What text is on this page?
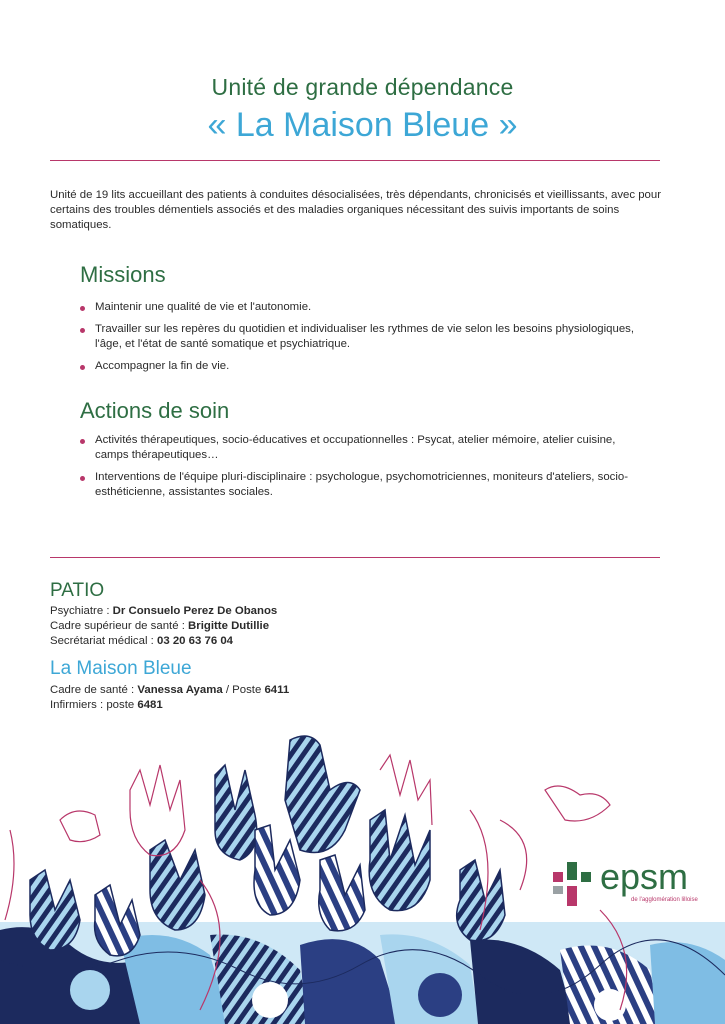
Unité de grande dépendance
« La Maison Bleue »
Unité de 19 lits accueillant des patients à conduites désocialisées, très dépendants, chronicisés et vieillissants, avec pour certains des troubles démentiels associés et des maladies organiques nécessitant des suivis importants de soins somatiques.
Missions
Maintenir une qualité de vie et l'autonomie.
Travailler sur les repères du quotidien et individualiser les rythmes de vie selon les besoins physiologiques, l'âge, et l'état de santé somatique et psychiatrique.
Accompagner la fin de vie.
Actions de soin
Activités thérapeutiques, socio-éducatives et occupationnelles : Psycat, atelier mémoire, atelier cuisine, camps thérapeutiques…
Interventions de l'équipe pluri-disciplinaire : psychologue, psychomotriciennes, moniteurs d'ateliers, socio-esthéticienne, assistantes sociales.
PATIO
Psychiatre : Dr Consuelo Perez De Obanos
Cadre supérieur de santé : Brigitte Dutillie
Secrétariat médical : 03 20 63 76 04
La Maison Bleue
Cadre de santé : Vanessa Ayama / Poste 6411
Infirmiers : poste 6481
epsm
de l'agglomération lilloise
